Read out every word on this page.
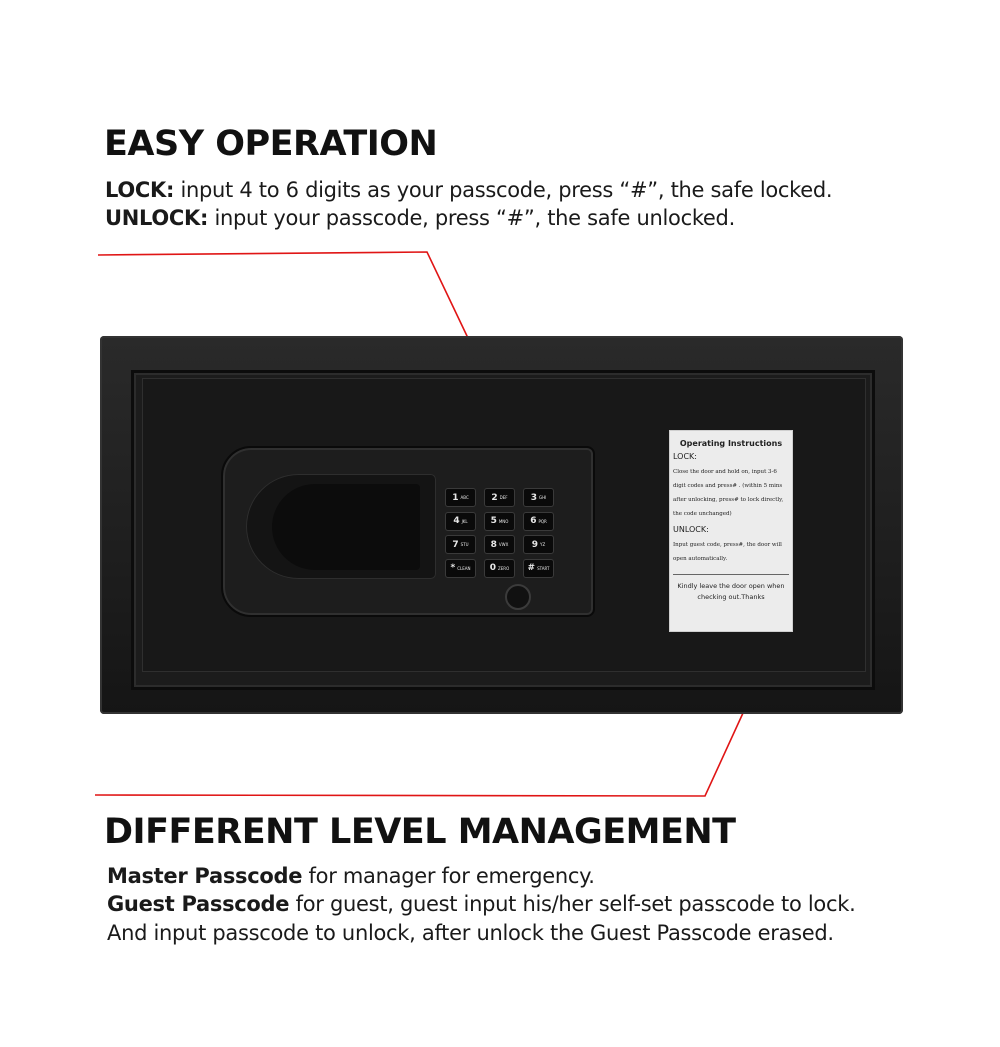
EASY OPERATION
LOCK: input 4 to 6 digits as your passcode, press “#”, the safe locked.
UNLOCK: input your passcode, press “#”, the safe unlocked.
1 ABC	2 DEF	3 GHI
4 JKL	5 MNO 6 PQR
7 STU 8 VWX	9 YZ
* CLEAN 0 ZERO # START
Operating Instructions
LOCK:
Close the door and hold on, input 3-6 digit codes and press# . (within 5 mins after unlocking, press# to lock directly, the code unchanged)
UNLOCK:
Input guest code, press#, the door will open automatically.
Kindly leave the door open when checking out.Thanks
DIFFERENT LEVEL MANAGEMENT
Master Passcode for manager for emergency.
Guest Passcode for guest, guest input his/her self-set passcode to lock.
And input passcode to unlock, after unlock the Guest Passcode erased.
